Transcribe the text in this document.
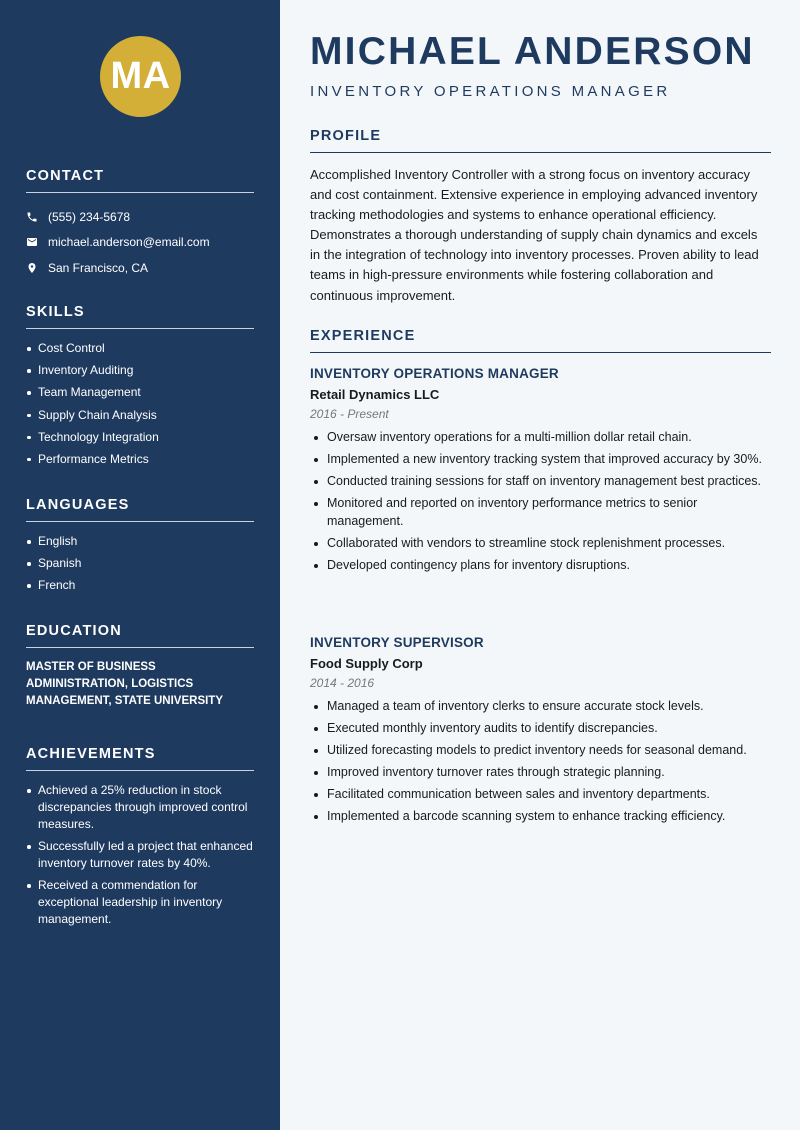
MA
CONTACT
(555) 234-5678
michael.anderson@email.com
San Francisco, CA
SKILLS
Cost Control
Inventory Auditing
Team Management
Supply Chain Analysis
Technology Integration
Performance Metrics
LANGUAGES
English
Spanish
French
EDUCATION
MASTER OF BUSINESS ADMINISTRATION, LOGISTICS MANAGEMENT, STATE UNIVERSITY
ACHIEVEMENTS
Achieved a 25% reduction in stock discrepancies through improved control measures.
Successfully led a project that enhanced inventory turnover rates by 40%.
Received a commendation for exceptional leadership in inventory management.
MICHAEL ANDERSON
INVENTORY OPERATIONS MANAGER
PROFILE
Accomplished Inventory Controller with a strong focus on inventory accuracy and cost containment. Extensive experience in employing advanced inventory tracking methodologies and systems to enhance operational efficiency. Demonstrates a thorough understanding of supply chain dynamics and excels in the integration of technology into inventory processes. Proven ability to lead teams in high-pressure environments while fostering collaboration and continuous improvement.
EXPERIENCE
INVENTORY OPERATIONS MANAGER
Retail Dynamics LLC
2016 - Present
Oversaw inventory operations for a multi-million dollar retail chain.
Implemented a new inventory tracking system that improved accuracy by 30%.
Conducted training sessions for staff on inventory management best practices.
Monitored and reported on inventory performance metrics to senior management.
Collaborated with vendors to streamline stock replenishment processes.
Developed contingency plans for inventory disruptions.
INVENTORY SUPERVISOR
Food Supply Corp
2014 - 2016
Managed a team of inventory clerks to ensure accurate stock levels.
Executed monthly inventory audits to identify discrepancies.
Utilized forecasting models to predict inventory needs for seasonal demand.
Improved inventory turnover rates through strategic planning.
Facilitated communication between sales and inventory departments.
Implemented a barcode scanning system to enhance tracking efficiency.
